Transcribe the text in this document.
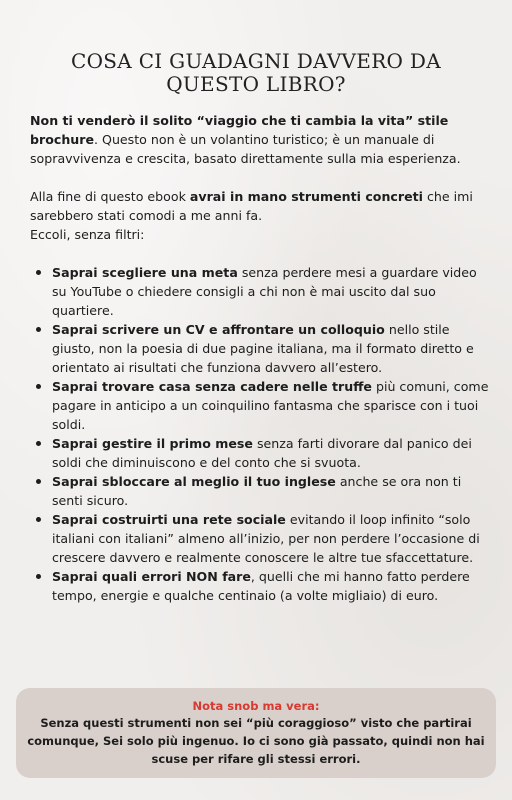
COSA CI GUADAGNI DAVVERO DA QUESTO LIBRO?

Non ti venderò il solito “viaggio che ti cambia la vita” stile brochure. Questo non è un volantino turistico; è un manuale di sopravvivenza e crescita, basato direttamente sulla mia esperienza.

Alla fine di questo ebook avrai in mano strumenti concreti che imi sarebbero stati comodi a me anni fa.

Eccoli, senza filtri:

Saprai scegliere una meta senza perdere mesi a guardare video su YouTube o chiedere consigli a chi non è mai uscito dal suo quartiere.
Saprai scrivere un CV e affrontare un colloquio nello stile giusto, non la poesia di due pagine italiana, ma il formato diretto e orientato ai risultati che funziona davvero all’estero.
Saprai trovare casa senza cadere nelle truffe più comuni, come pagare in anticipo a un coinquilino fantasma che sparisce con i tuoi soldi.
Saprai gestire il primo mese senza farti divorare dal panico dei soldi che diminuiscono e del conto che si svuota.
Saprai sbloccare al meglio il tuo inglese anche se ora non ti senti sicuro.
Saprai costruirti una rete sociale evitando il loop infinito “solo italiani con italiani” almeno all’inizio, per non perdere l’occasione di crescere davvero e realmente conoscere le altre tue sfaccettature.
Saprai quali errori NON fare, quelli che mi hanno fatto perdere tempo, energie e qualche centinaio (a volte migliaio) di euro.
Nota snob ma vera:
Senza questi strumenti non sei “più coraggioso” visto che partirai comunque, Sei solo più ingenuo. Io ci sono già passato, quindi non hai scuse per rifare gli stessi errori.
